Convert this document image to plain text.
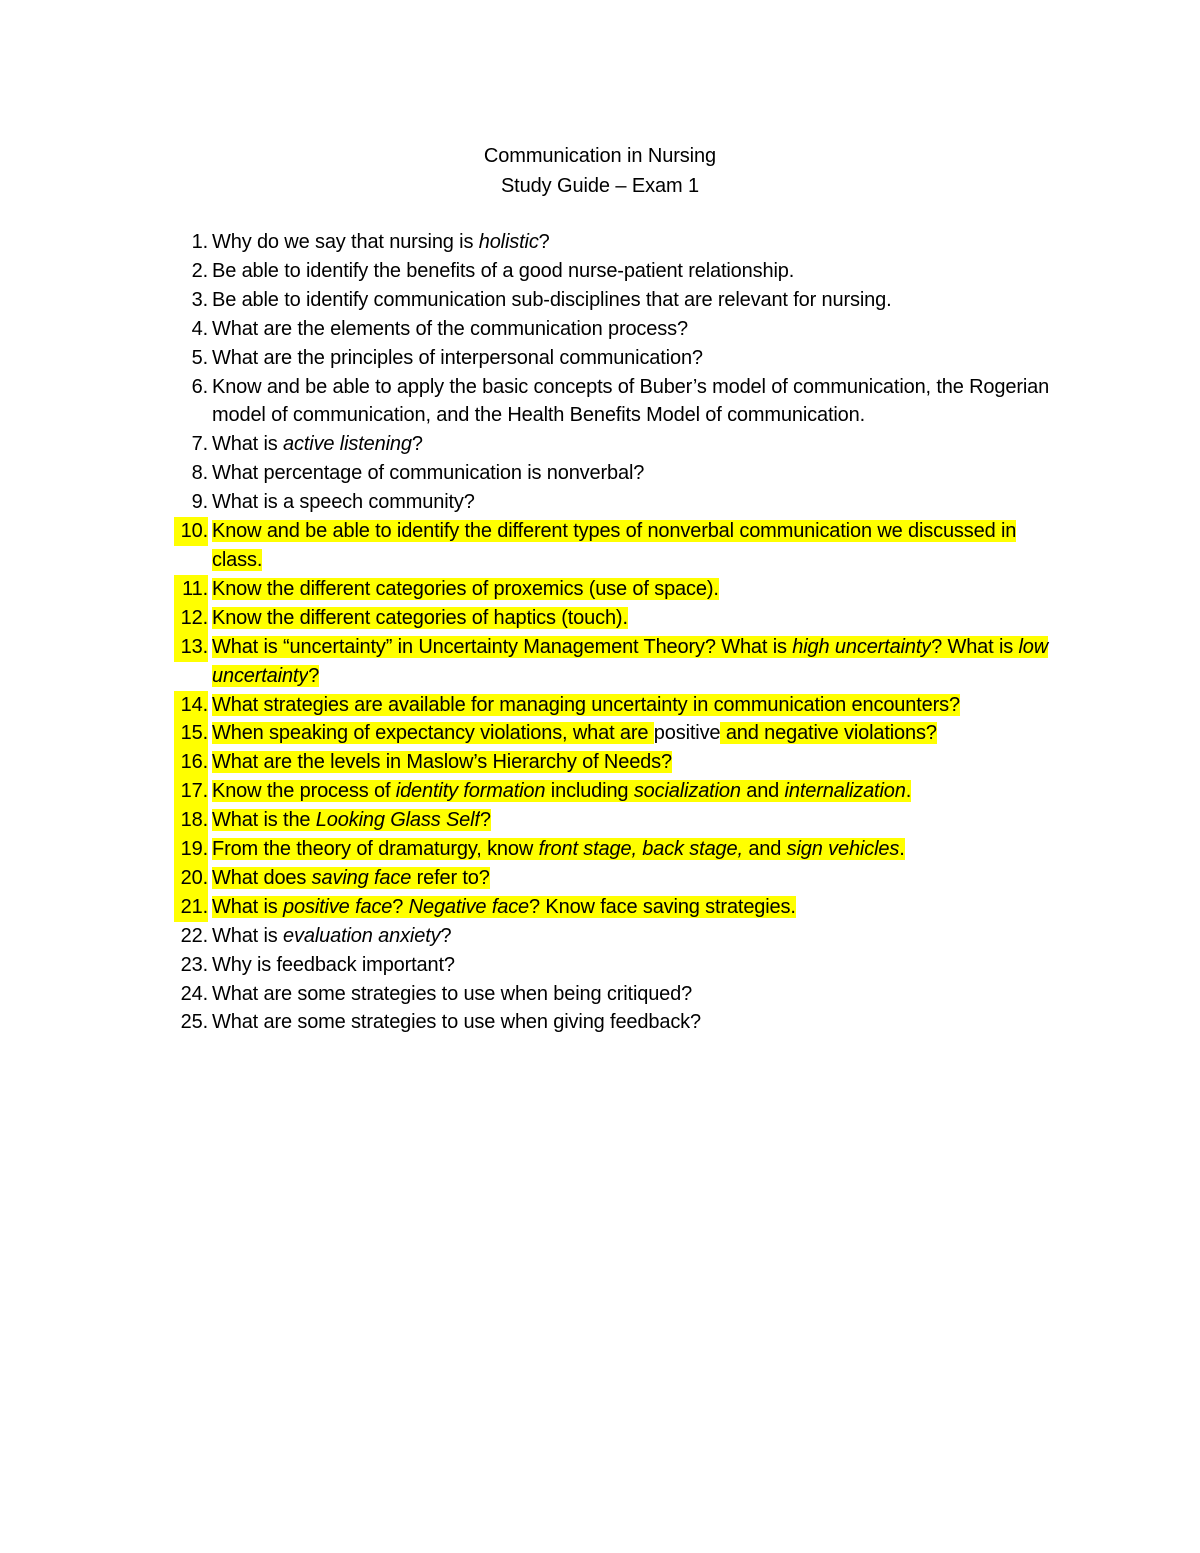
Communication in Nursing
Study Guide – Exam 1
1. Why do we say that nursing is holistic?
2. Be able to identify the benefits of a good nurse-patient relationship.
3. Be able to identify communication sub-disciplines that are relevant for nursing.
4. What are the elements of the communication process?
5. What are the principles of interpersonal communication?
6. Know and be able to apply the basic concepts of Buber’s model of communication, the Rogerian model of communication, and the Health Benefits Model of communication.
7. What is active listening?
8. What percentage of communication is nonverbal?
9. What is a speech community?
10. Know and be able to identify the different types of nonverbal communication we discussed in class.
11. Know the different categories of proxemics (use of space).
12. Know the different categories of haptics (touch).
13. What is “uncertainty” in Uncertainty Management Theory? What is high uncertainty? What is low uncertainty?
14. What strategies are available for managing uncertainty in communication encounters?
15. When speaking of expectancy violations, what are positive and negative violations?
16. What are the levels in Maslow’s Hierarchy of Needs?
17. Know the process of identity formation including socialization and internalization.
18. What is the Looking Glass Self?
19. From the theory of dramaturgy, know front stage, back stage, and sign vehicles.
20. What does saving face refer to?
21. What is positive face? Negative face? Know face saving strategies.
22. What is evaluation anxiety?
23. Why is feedback important?
24. What are some strategies to use when being critiqued?
25. What are some strategies to use when giving feedback?
